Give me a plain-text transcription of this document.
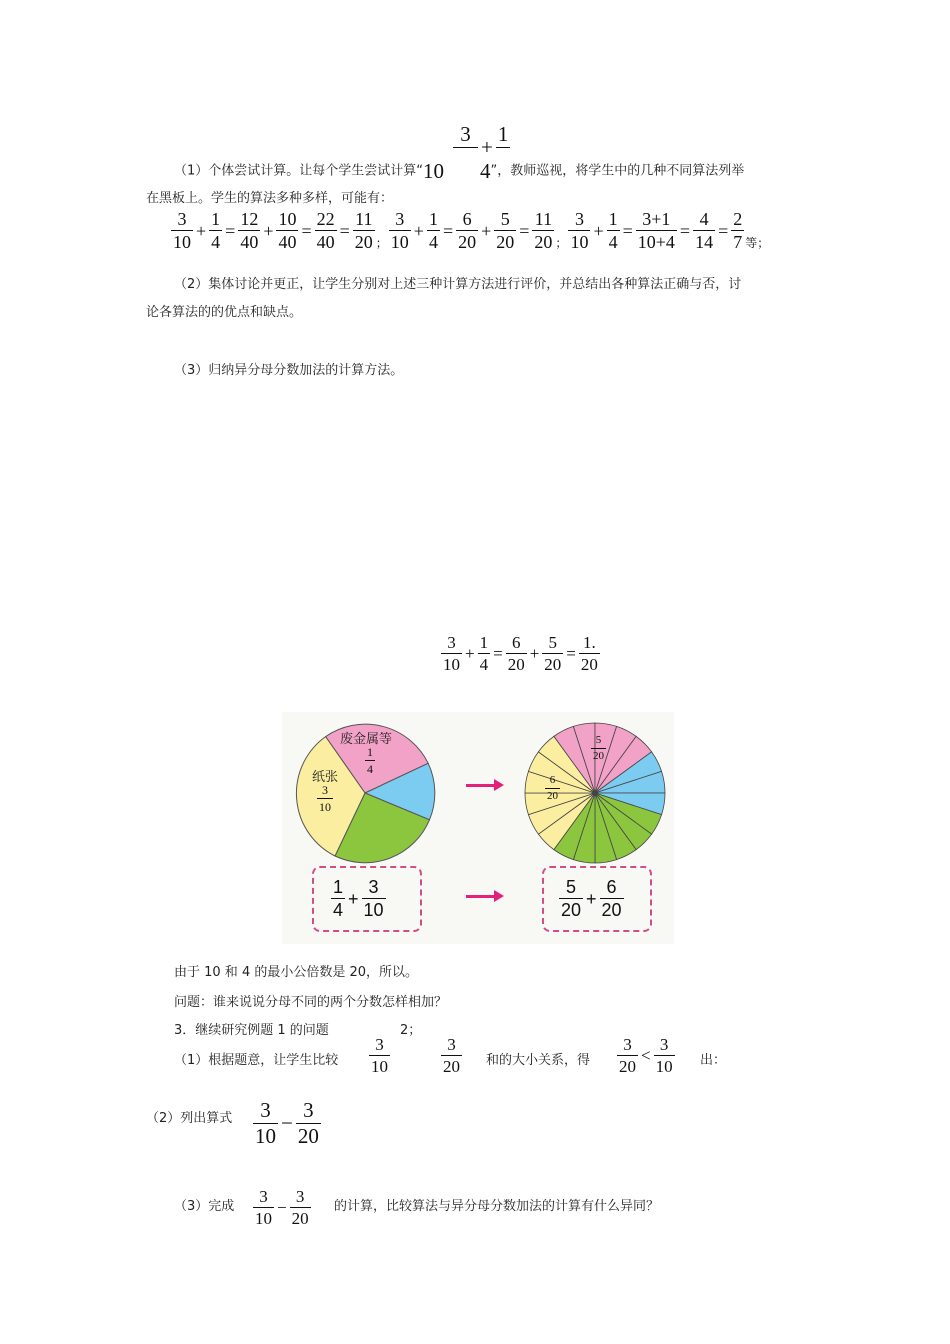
3
+
1
（1）个体尝试计算。让每个学生尝试计算“ 10 4 ”，教师巡视，将学生中的几种不同算法列举
在黑板上。学生的算法多种多样，可能有：
$\frac{3}{10} + \frac{1}{4} = \frac{12}{40} + \frac{10}{40} = \frac{22}{40} = \frac{11}{20}$ ； $\frac{3}{10} + \frac{1}{4} = \frac{6}{20} + \frac{5}{20} = \frac{11}{20}$ ； $\frac{3}{10} + \frac{1}{4} = \frac{3+1}{10+4} = \frac{4}{14} = \frac{2}{7}$ 等；
（2）集体讨论并更正，让学生分别对上述三种计算方法进行评价，并总结出各种算法正确与否，讨
论各算法的的优点和缺点。
（3）归纳异分母分数加法的计算方法。
$\frac{3}{10} + \frac{1}{4} = \frac{6}{20} + \frac{5}{20} = \frac{1.}{20}$
废金属等
$\frac{1}{4}$
纸张
$\frac{3}{10}$
$\frac{5}{20}$
$\frac{6}{20}$
$\frac{1}{4} + \frac{3}{10}$	$\frac{5}{20} + \frac{6}{20}$
由于 10 和 4 的最小公倍数是 20，所以。
问题：谁来说说分母不同的两个分数怎样相加？
3．继续研究例题 1 的问题	2；
（1）根据题意，让学生比较 $\frac{3}{10}$	$\frac{3}{20}$ 和的大小关系，得 $\frac{3}{20} < \frac{3}{10}$ 出：
（2）列出算式 $\frac{3}{10} - \frac{3}{20}$
（3）完成 $\frac{3}{10} - \frac{3}{20}$ 的计算，比较算法与异分母分数加法的计算有什么异同？
